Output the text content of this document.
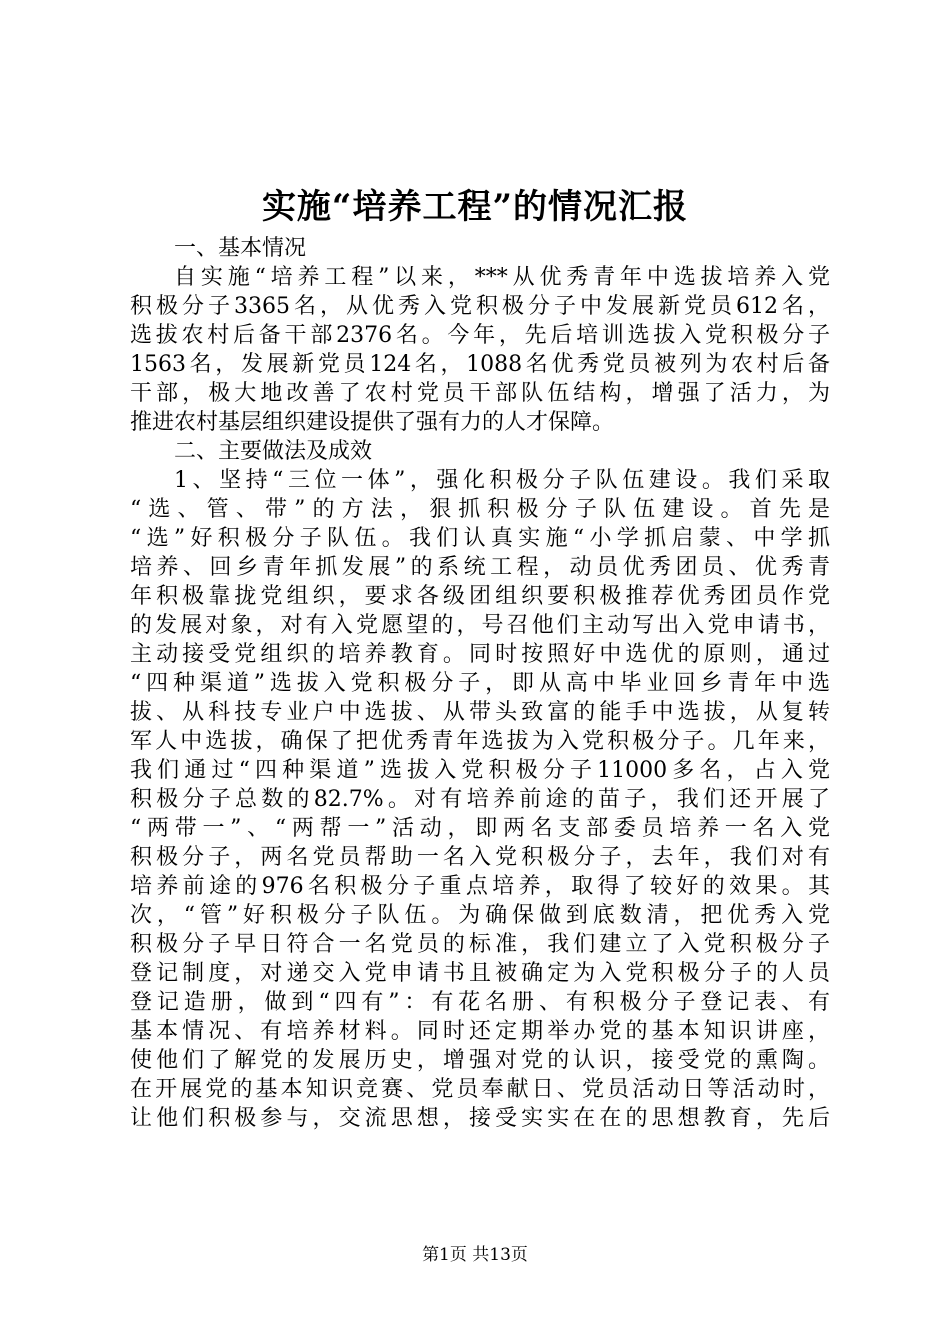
实施“培养工程”的情况汇报
一、基本情况
自实施“培养工程”以来，***从优秀青年中选拔培养入党
积极分子3365名，从优秀入党积极分子中发展新党员612名，
选拔农村后备干部2376名。今年，先后培训选拔入党积极分子
1563名，发展新党员124名，1088名优秀党员被列为农村后备
干部，极大地改善了农村党员干部队伍结构，增强了活力，为
推进农村基层组织建设提供了强有力的人才保障。
二、主要做法及成效
1、坚持“三位一体”，强化积极分子队伍建设。我们采取
“选、管、带”的方法，狠抓积极分子队伍建设。首先是
“选”好积极分子队伍。我们认真实施“小学抓启蒙、中学抓
培养、回乡青年抓发展”的系统工程，动员优秀团员、优秀青
年积极靠拢党组织，要求各级团组织要积极推荐优秀团员作党
的发展对象，对有入党愿望的，号召他们主动写出入党申请书，
主动接受党组织的培养教育。同时按照好中选优的原则，通过
“四种渠道”选拔入党积极分子，即从高中毕业回乡青年中选
拔、从科技专业户中选拔、从带头致富的能手中选拔，从复转
军人中选拔，确保了把优秀青年选拔为入党积极分子。几年来，
我们通过“四种渠道”选拔入党积极分子11000多名，占入党
积极分子总数的82.7%。对有培养前途的苗子，我们还开展了
“两带一”、“两帮一”活动，即两名支部委员培养一名入党
积极分子，两名党员帮助一名入党积极分子，去年，我们对有
培养前途的976名积极分子重点培养，取得了较好的效果。其
次，“管”好积极分子队伍。为确保做到底数清，把优秀入党
积极分子早日符合一名党员的标准，我们建立了入党积极分子
登记制度，对递交入党申请书且被确定为入党积极分子的人员
登记造册，做到“四有”：有花名册、有积极分子登记表、有
基本情况、有培养材料。同时还定期举办党的基本知识讲座，
使他们了解党的发展历史，增强对党的认识，接受党的熏陶。
在开展党的基本知识竞赛、党员奉献日、党员活动日等活动时，
让他们积极参与，交流思想，接受实实在在的思想教育，先后
第1页 共13页
